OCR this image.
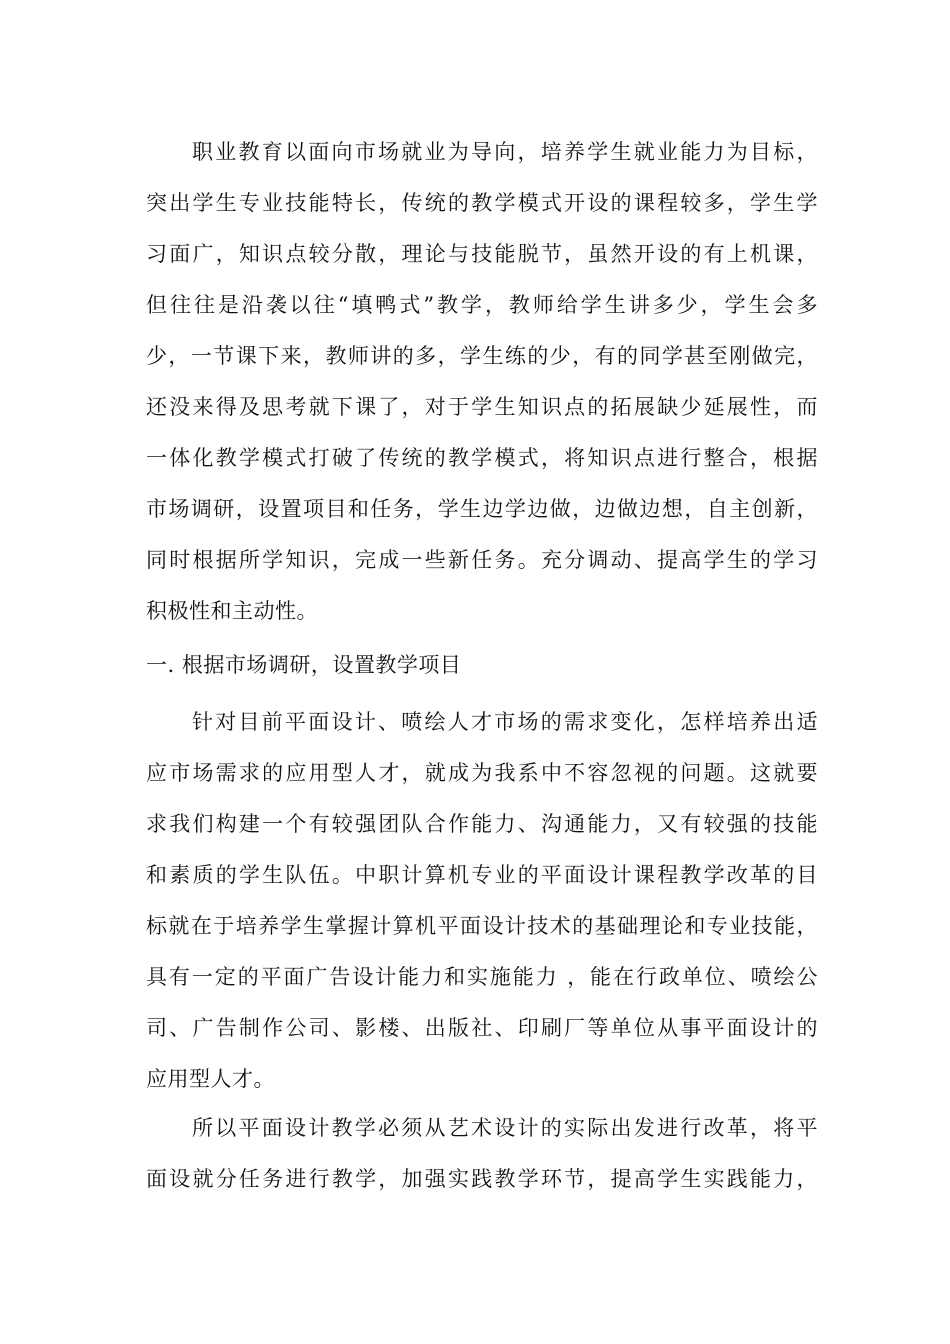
职业教育以面向市场就业为导向，培养学生就业能力为目标，
突出学生专业技能特长，传统的教学模式开设的课程较多，学生学
习面广，知识点较分散，理论与技能脱节，虽然开设的有上机课，
但往往是沿袭以往“填鸭式”教学，教师给学生讲多少，学生会多
少，一节课下来，教师讲的多，学生练的少，有的同学甚至刚做完，
还没来得及思考就下课了，对于学生知识点的拓展缺少延展性，而
一体化教学模式打破了传统的教学模式，将知识点进行整合，根据
市场调研，设置项目和任务，学生边学边做，边做边想，自主创新，
同时根据所学知识，完成一些新任务。充分调动、提高学生的学习
积极性和主动性。
一. 根据市场调研，设置教学项目
针对目前平面设计、喷绘人才市场的需求变化，怎样培养出适
应市场需求的应用型人才，就成为我系中不容忽视的问题。这就要
求我们构建一个有较强团队合作能力、沟通能力，又有较强的技能
和素质的学生队伍。中职计算机专业的平面设计课程教学改革的目
标就在于培养学生掌握计算机平面设计技术的基础理论和专业技能，
具有一定的平面广告设计能力和实施能力 ，能在行政单位、喷绘公
司、广告制作公司、影楼、出版社、印刷厂等单位从事平面设计的
应用型人才。
所以平面设计教学必须从艺术设计的实际出发进行改革，将平
面设就分任务进行教学，加强实践教学环节，提高学生实践能力，
